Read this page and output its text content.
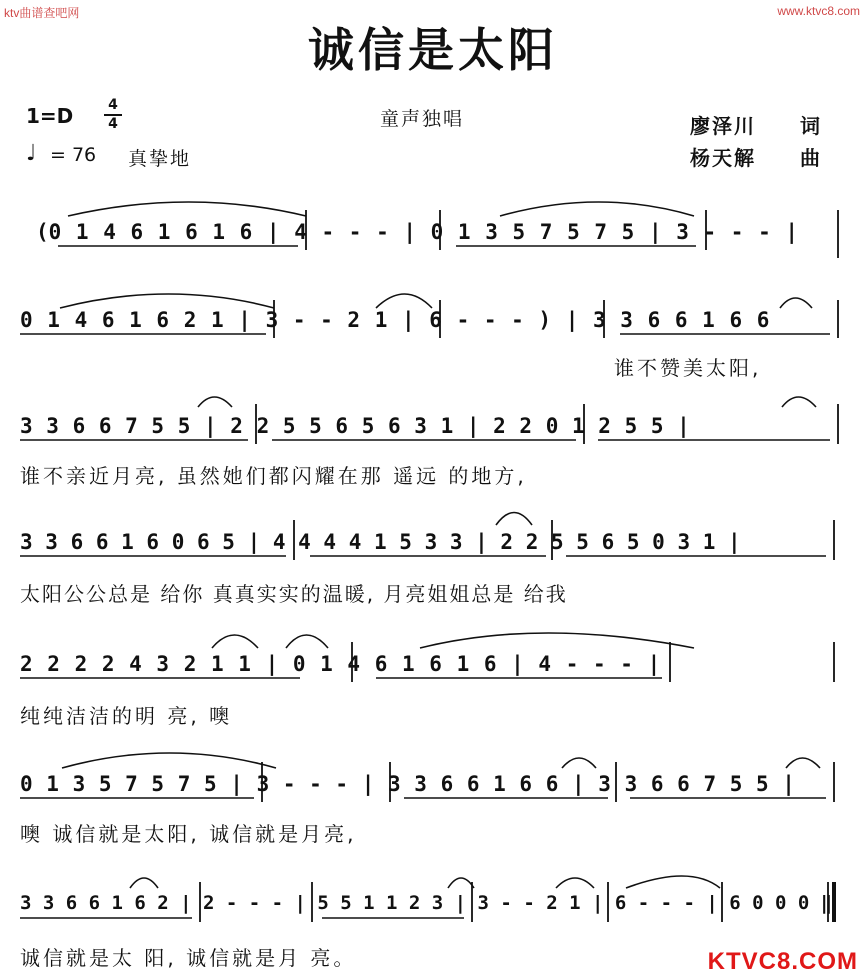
ktv曲谱查吧网	www.ktvc8.com
诚信是太阳
1=D 4
4
♩ = 76 真挚地
童声独唱	廖泽川 词
杨天解 曲
(0 1 4 6 1 6 1 6 | 4 - - - | 0 1 3 5 7 5 7 5 | 3 - - - |
0 1 4 6 1 6 2 1 | 3 - - 2 1 | 6 - - - ) | 3 3 6 6 1 6 6
谁不赞美太阳,
3 3 6 6 7 5 5 | 2 2 5 5 6 5 6 3 1 | 2 2 0 1 2 5 5 |
谁不亲近月亮, 虽然她们都闪耀在那 遥远 的地方,
3 3 6 6 1 6 0 6 5 | 4 4 4 4 1 5 3 3 | 2 2 5 5 6 5 0 3 1 |
太阳公公总是 给你 真真实实的温暖, 月亮姐姐总是 给我
2 2 2 2 4 3 2 1 1 | 0 1 4 6 1 6 1 6 | 4 - - - |
纯纯洁洁的明 亮, 噢
0 1 3 5 7 5 7 5 | 3 - - - | 3 3 6 6 1 6 6 | 3 3 6 6 7 5 5 |
噢 诚信就是太阳, 诚信就是月亮,
3 3 6 6 1 6 2 | 2 - - - | 5 5 1 1 2 3 | 3 - - 2 1 | 6 - - - | 6 0 0 0 ‖
诚信就是太 阳, 诚信就是月 亮。	KTVC8.COM
